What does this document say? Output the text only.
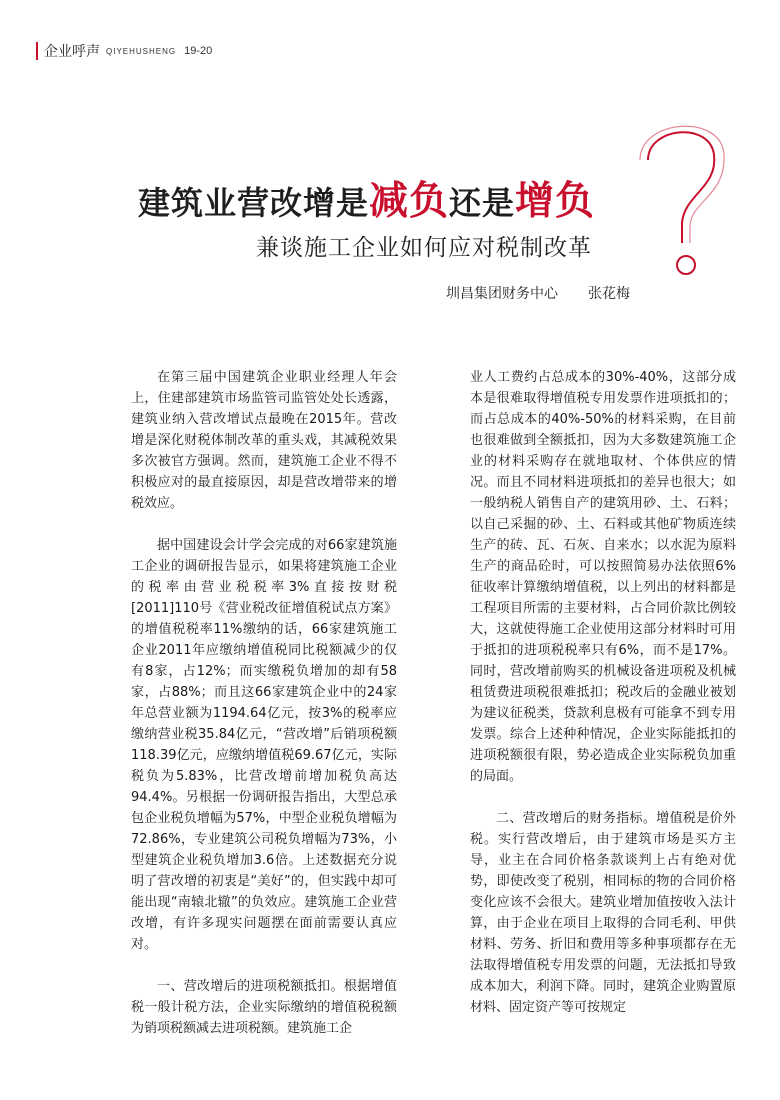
企业呼声 QIYEHUSHENG 19-20
建筑业营改增是减负还是增负
兼谈施工企业如何应对税制改革
圳昌集团财务中心 张花梅

在第三届中国建筑企业职业经理人年会上，住建部建筑市场监管司监管处处长透露，建筑业纳入营改增试点最晚在2015年。营改增是深化财税体制改革的重头戏，其减税效果多次被官方强调。然而，建筑施工企业不得不积极应对的最直接原因，却是营改增带来的增税效应。

据中国建设会计学会完成的对66家建筑施工企业的调研报告显示，如果将建筑施工企业的税率由营业税税率3%直接按财税[2011]110号《营业税改征增值税试点方案》的增值税税率11%缴纳的话，66家建筑施工企业2011年应缴纳增值税同比税额减少的仅有8家，占12%；而实缴税负增加的却有58家，占88%；而且这66家建筑企业中的24家年总营业额为1194.64亿元，按3%的税率应缴纳营业税35.84亿元，“营改增”后销项税额118.39亿元，应缴纳增值税69.67亿元，实际税负为5.83%，比营改增前增加税负高达94.4%。另根据一份调研报告指出，大型总承包企业税负增幅为57%，中型企业税负增幅为72.86%，专业建筑公司税负增幅为73%，小型建筑企业税负增加3.6倍。上述数据充分说明了营改增的初衷是“美好”的，但实践中却可能出现“南辕北辙”的负效应。建筑施工企业营改增，有许多现实问题摆在面前需要认真应对。

一、营改增后的进项税额抵扣。根据增值税一般计税方法，企业实际缴纳的增值税税额为销项税额减去进项税额。建筑施工企

业人工费约占总成本的30%-40%，这部分成本是很难取得增值税专用发票作进项抵扣的；而占总成本的40%-50%的材料采购，在目前也很难做到全额抵扣，因为大多数建筑施工企业的材料采购存在就地取材、个体供应的情况。而且不同材料进项抵扣的差异也很大；如一般纳税人销售自产的建筑用砂、土、石料；以自己采掘的砂、土、石料或其他矿物质连续生产的砖、瓦、石灰、自来水；以水泥为原料生产的商品砼时，可以按照简易办法依照6%征收率计算缴纳增值税，以上列出的材料都是工程项目所需的主要材料，占合同价款比例较大，这就使得施工企业使用这部分材料时可用于抵扣的进项税税率只有6%，而不是17%。同时，营改增前购买的机械设备进项税及机械租赁费进项税很难抵扣；税改后的金融业被划为建议征税类，贷款利息极有可能拿不到专用发票。综合上述种种情况，企业实际能抵扣的进项税额很有限，势必造成企业实际税负加重的局面。

二、营改增后的财务指标。增值税是价外税。实行营改增后，由于建筑市场是买方主导，业主在合同价格条款谈判上占有绝对优势，即使改变了税别，相同标的物的合同价格变化应该不会很大。建筑业增加值按收入法计算，由于企业在项目上取得的合同毛利、甲供材料、劳务、折旧和费用等多种事项都存在无法取得增值税专用发票的问题，无法抵扣导致成本加大，利润下降。同时，建筑企业购置原材料、固定资产等可按规定
